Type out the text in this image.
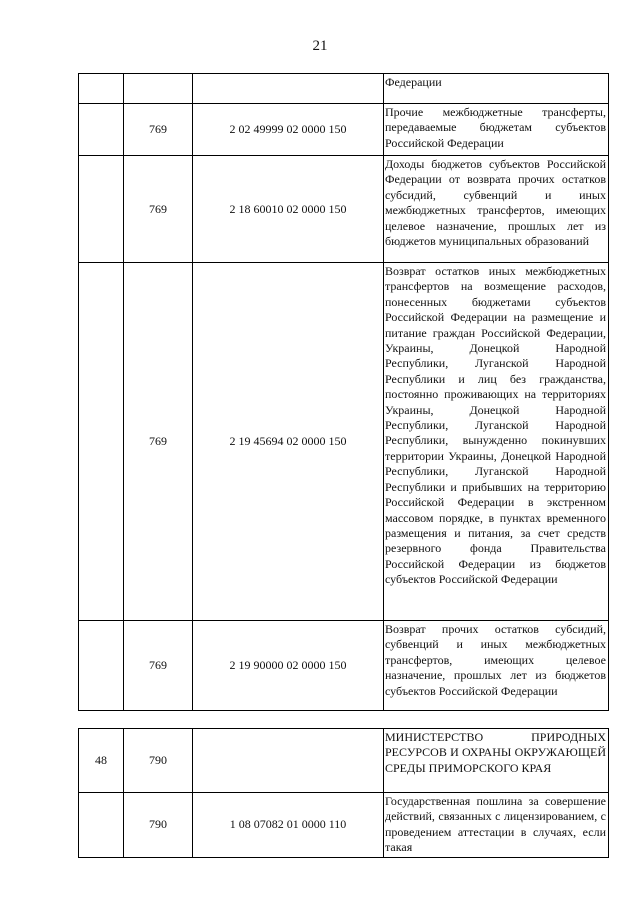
21

			Федерации

	769	2 02 49999 02 0000 150	Прочие межбюджетные трансферты, передаваемые бюджетам субъектов Российской Федерации

	769	2 18 60010 02 0000 150	Доходы бюджетов субъектов Российской Федерации от возврата прочих остатков субсидий, субвенций и иных межбюджетных трансфертов, имеющих целевое назначение, прошлых лет из бюджетов муниципальных образований

	769	2 19 45694 02 0000 150	Возврат остатков иных межбюджетных трансфертов на возмещение расходов, понесенных бюджетами субъектов Российской Федерации на размещение и питание граждан Российской Федерации, Украины, Донецкой Народной Республики, Луганской Народной Республики и лиц без гражданства, постоянно проживающих на территориях Украины, Донецкой Народной Республики, Луганской Народной Республики, вынужденно покинувших территории Украины, Донецкой Народной Республики, Луганской Народной Республики и прибывших на территорию Российской Федерации в экстренном массовом порядке, в пунктах временного размещения и питания, за счет средств резервного фонда Правительства Российской Федерации из бюджетов субъектов Российской Федерации

	769	2 19 90000 02 0000 150	Возврат прочих остатков субсидий, субвенций и иных межбюджетных трансфертов, имеющих целевое назначение, прошлых лет из бюджетов субъектов Российской Федерации
48	790		МИНИСТЕРСТВО ПРИРОДНЫХ РЕСУРСОВ И ОХРАНЫ ОКРУЖАЮЩЕЙ СРЕДЫ ПРИМОРСКОГО КРАЯ

	790	1 08 07082 01 0000 110	Государственная пошлина за совершение действий, связанных с лицензированием, с проведением аттестации в случаях, если такая
